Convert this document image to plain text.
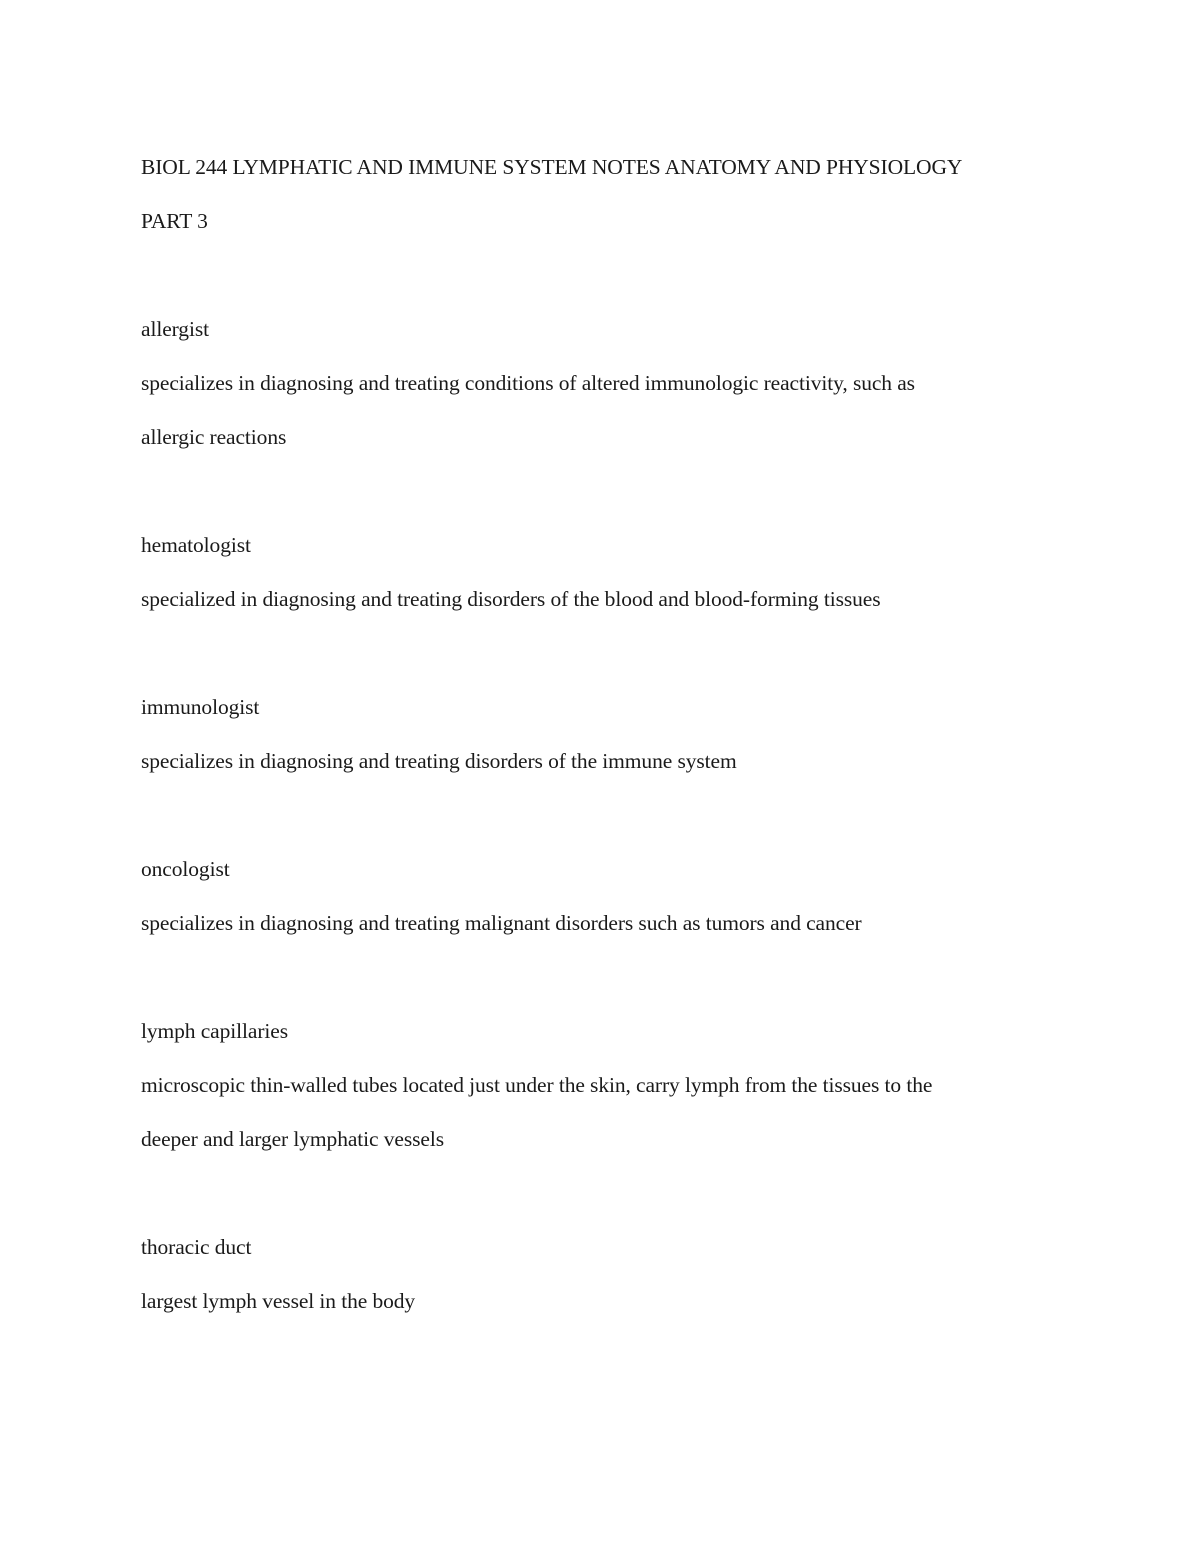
BIOL 244 LYMPHATIC AND IMMUNE SYSTEM NOTES ANATOMY AND PHYSIOLOGY

PART 3

allergist

specializes in diagnosing and treating conditions of altered immunologic reactivity, such as

allergic reactions

hematologist

specialized in diagnosing and treating disorders of the blood and blood-forming tissues

immunologist

specializes in diagnosing and treating disorders of the immune system

oncologist

specializes in diagnosing and treating malignant disorders such as tumors and cancer

lymph capillaries

microscopic thin-walled tubes located just under the skin, carry lymph from the tissues to the

deeper and larger lymphatic vessels

thoracic duct

largest lymph vessel in the body
